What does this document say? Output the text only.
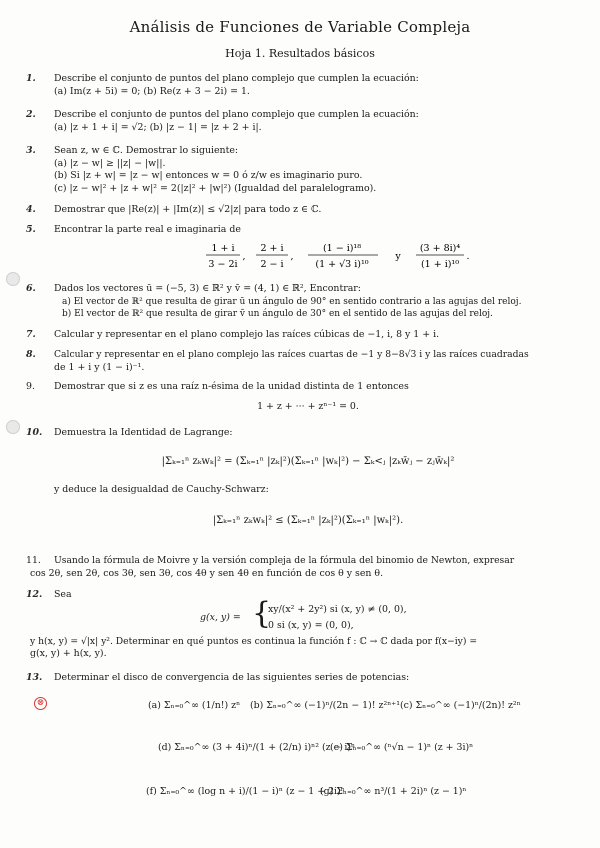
Análisis de Funciones de Variable Compleja
Hoja 1. Resultados básicos
⊗
1.	Describe el conjunto de puntos del plano complejo que cumplen la ecuación:
(a) Im(z + 5i) = 0; (b) Re(z + 3 − 2i) = 1.
2.	Describe el conjunto de puntos del plano complejo que cumplen la ecuación:
(a) |z + 1 + i| = √2; (b) |z − 1| = |z + 2 + i|.
3.	Sean z, w ∈ ℂ. Demostrar lo siguiente:
(a) |z − w| ≥ ||z| − |w||.
(b) Si |z + w| = |z − w| entonces w = 0 ó z/w es imaginario puro.
(c) |z − w|² + |z + w|² = 2(|z|² + |w|²) (Igualdad del paralelogramo).
4.	Demostrar que |Re(z)| + |Im(z)| ≤ √2|z| para todo z ∈ ℂ.
5.	Encontrar la parte real e imaginaria de
1 + i
3 − 2i
,
2 + i
2 − i
,
(1 − i)¹⁸
(1 + √3 i)¹⁰
y
(3 + 8i)⁴
(1 + i)¹⁰
.
6.	Dados los vectores ū = (−5, 3) ∈ ℝ² y v̄ = (4, 1) ∈ ℝ², Encontrar:
a) El vector de ℝ² que resulta de girar ū un ángulo de 90° en sentido contrario a las agujas del reloj.
b) El vector de ℝ² que resulta de girar v̄ un ángulo de 30° en el sentido de las agujas del reloj.
7.	Calcular y representar en el plano complejo las raíces cúbicas de −1, i, 8 y 1 + i.
8.	Calcular y representar en el plano complejo las raíces cuartas de −1 y 8−8√3 i y las raíces cuadradas
de 1 + i y (1 − i)⁻¹.
9.	Demostrar que si z es una raíz n-ésima de la unidad distinta de 1 entonces
1 + z + ··· + zⁿ⁻¹ = 0.
10.	Demuestra la Identidad de Lagrange:
|Σₖ₌₁ⁿ zₖwₖ|² = (Σₖ₌₁ⁿ |zₖ|²)(Σₖ₌₁ⁿ |wₖ|²) − Σₖ<ⱼ |zₖw̄ⱼ − zⱼw̄ₖ|²
y deduce la desigualdad de Cauchy-Schwarz:
|Σₖ₌₁ⁿ zₖwₖ|² ≤ (Σₖ₌₁ⁿ |zₖ|²)(Σₖ₌₁ⁿ |wₖ|²).
11.	Usando la fórmula de Moivre y la versión compleja de la fórmula del binomio de Newton, expresar
cos 2θ, sen 2θ, cos 3θ, sen 3θ, cos 4θ y sen 4θ en función de cos θ y sen θ.
12.	Sea
g(x, y) = {
xy/(x² + 2y²) si (x, y) ≠ (0, 0),
0 si (x, y) = (0, 0),
y h(x, y) = √|x| y². Determinar en qué puntos es continua la función f : ℂ → ℂ dada por f(x−iy) =
g(x, y) + h(x, y).
13.	Determinar el disco de convergencia de las siguientes series de potencias:
(a) Σₙ₌₀^∞ (1/n!) zⁿ (b) Σₙ₌₀^∞ (−1)ⁿ/(2n − 1)! z²ⁿ⁺¹ (c) Σₙ₌₀^∞ (−1)ⁿ/(2n)! z²ⁿ
(d) Σₙ₌₀^∞ (3 + 4i)ⁿ/(1 + (2/n) i)ⁿ² (z − i)ⁿ
(e) Σₙ₌₀^∞ (ⁿ√n − 1)ⁿ (z + 3i)ⁿ
(f) Σₙ₌₀^∞ (log n + i)/(1 − i)ⁿ (z − 1 + 2i)ⁿ
(g) Σₙ₌₀^∞ n³/(1 + 2i)ⁿ (z − 1)ⁿ
